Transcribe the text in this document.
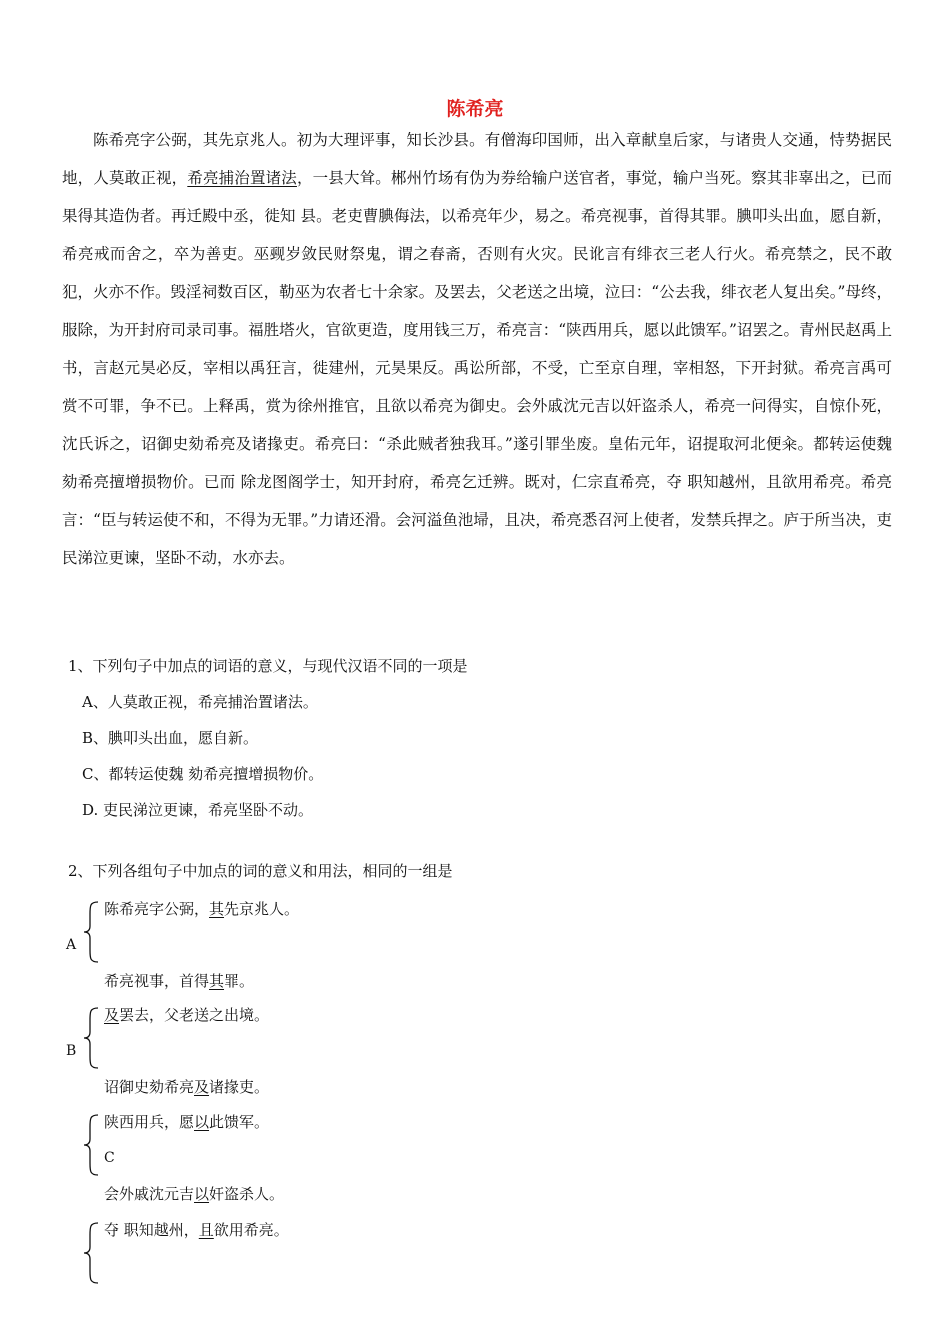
陈希亮

陈希亮字公弼，其先京兆人。初为大理评事，知长沙县。有僧海印国师，出入章献皇后家，与诸贵人交通，恃势据民地，人莫敢正视，希亮捕治置诸法，一县大耸。郴州竹场有伪为券给输户送官者，事觉，输户当死。察其非辜出之，已而果得其造伪者。再迁殿中丞，徙知 县。老吏曹腆侮法，以希亮年少，易之。希亮视事，首得其罪。腆叩头出血，愿自新，希亮戒而舍之，卒为善吏。巫觋岁敛民财祭鬼，谓之春斋，否则有火灾。民讹言有绯衣三老人行火。希亮禁之，民不敢犯，火亦不作。毁淫祠数百区，勒巫为农者七十余家。及罢去，父老送之出境，泣曰：“公去我，绯衣老人复出矣。”母终，服除，为开封府司录司事。福胜塔火，官欲更造，度用钱三万，希亮言：“陕西用兵，愿以此馈军。”诏罢之。青州民赵禹上书，言赵元昊必反，宰相以禹狂言，徙建州，元昊果反。禹讼所部，不受，亡至京自理，宰相怒，下开封狱。希亮言禹可赏不可罪，争不已。上释禹，赏为徐州推官，且欲以希亮为御史。会外戚沈元吉以奸盗杀人，希亮一问得实，自惊仆死，沈氏诉之，诏御史劾希亮及诸掾吏。希亮曰：“杀此贼者独我耳。”遂引罪坐废。皇佑元年，诏提取河北便籴。都转运使魏 劾希亮擅增损物价。已而 除龙图阁学士，知开封府，希亮乞迁辨。既对，仁宗直希亮，夺 职知越州，且欲用希亮。希亮言：“臣与转运使不和，不得为无罪。”力请还滑。会河溢鱼池埽，且决，希亮悉召河上使者，发禁兵捍之。庐于所当决，吏民涕泣更谏，坚卧不动，水亦去。

1、下列句子中加点的词语的意义，与现代汉语不同的一项是
A、人莫敢正视，希亮捕治置诸法。
B、腆叩头出血，愿自新。
C、都转运使魏 劾希亮擅增损物价。
D. 吏民涕泣更谏，希亮坚卧不动。
2、下列各组句子中加点的词的意义和用法，相同的一组是
陈希亮字公弼，其先京兆人。
A
希亮视事，首得其罪。
及罢去，父老送之出境。
B
诏御史劾希亮及诸掾吏。
陕西用兵，愿以此馈军。
C
会外戚沈元吉以奸盗杀人。
夺 职知越州，且欲用希亮。
